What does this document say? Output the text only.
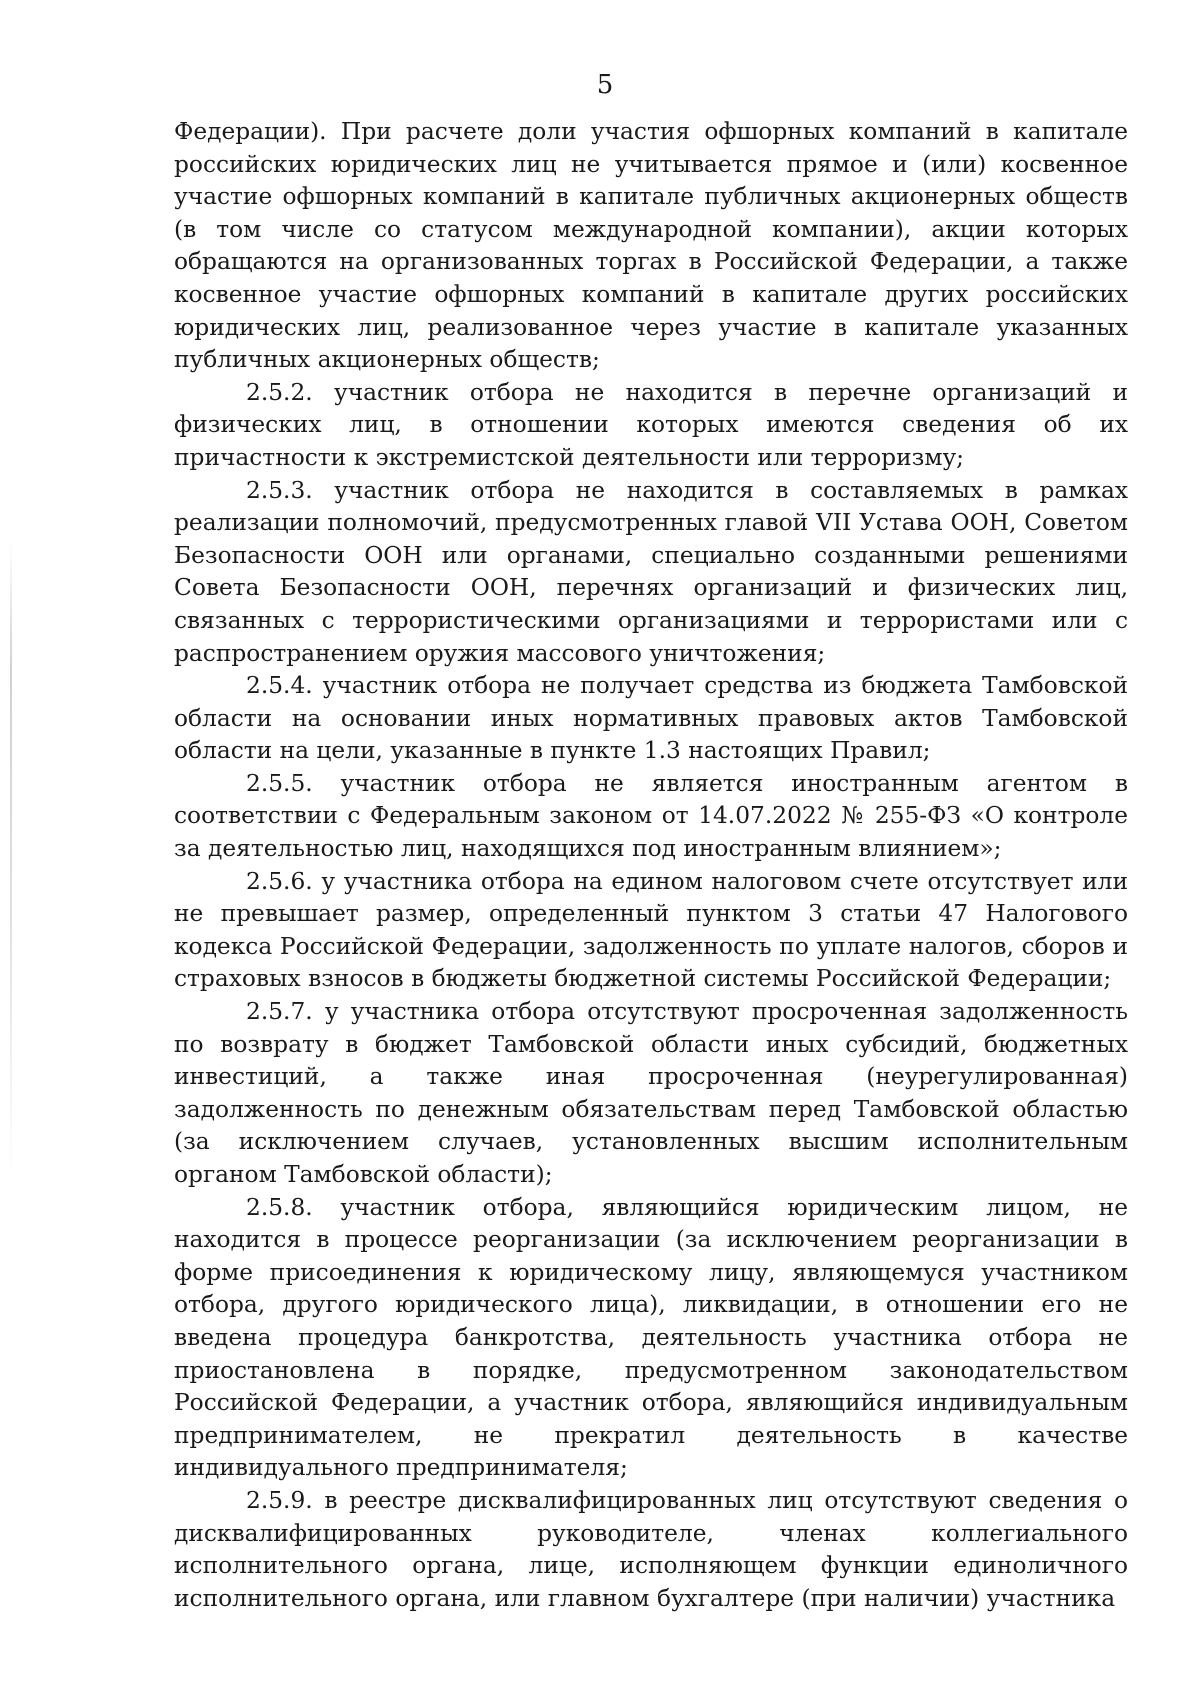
5

Федерации). При расчете доли участия офшорных компаний в капитале российских юридических лиц не учитывается прямое и (или) косвенное участие офшорных компаний в капитале публичных акционерных обществ (в том числе со статусом международной компании), акции которых обращаются на организованных торгах в Российской Федерации, а также косвенное участие офшорных компаний в капитале других российских юридических лиц, реализованное через участие в капитале указанных публичных акционерных обществ;

2.5.2. участник отбора не находится в перечне организаций и физических лиц, в отношении которых имеются сведения об их причастности к экстремистской деятельности или терроризму;

2.5.3. участник отбора не находится в составляемых в рамках реализации полномочий, предусмотренных главой VII Устава ООН, Советом Безопасности ООН или органами, специально созданными решениями Совета Безопасности ООН, перечнях организаций и физических лиц, связанных с террористическими организациями и террористами или с распространением оружия массового уничтожения;

2.5.4. участник отбора не получает средства из бюджета Тамбовской области на основании иных нормативных правовых актов Тамбовской области на цели, указанные в пункте 1.3 настоящих Правил;

2.5.5. участник отбора не является иностранным агентом в соответствии с Федеральным законом от 14.07.2022 № 255-ФЗ «О контроле за деятельностью лиц, находящихся под иностранным влиянием»;

2.5.6. у участника отбора на едином налоговом счете отсутствует или не превышает размер, определенный пунктом 3 статьи 47 Налогового кодекса Российской Федерации, задолженность по уплате налогов, сборов и страховых взносов в бюджеты бюджетной системы Российской Федерации;

2.5.7. у участника отбора отсутствуют просроченная задолженность по возврату в бюджет Тамбовской области иных субсидий, бюджетных инвестиций, а также иная просроченная (неурегулированная) задолженность по денежным обязательствам перед Тамбовской областью (за исключением случаев, установленных высшим исполнительным органом Тамбовской области);

2.5.8. участник отбора, являющийся юридическим лицом, не находится в процессе реорганизации (за исключением реорганизации в форме присоединения к юридическому лицу, являющемуся участником отбора, другого юридического лица), ликвидации, в отношении его не введена процедура банкротства, деятельность участника отбора не приостановлена в порядке, предусмотренном законодательством Российской Федерации, а участник отбора, являющийся индивидуальным предпринимателем, не прекратил деятельность в качестве индивидуального предпринимателя;

2.5.9. в реестре дисквалифицированных лиц отсутствуют сведения о дисквалифицированных руководителе, членах коллегиального исполнительного органа, лице, исполняющем функции единоличного исполнительного органа, или главном бухгалтере (при наличии) участника
